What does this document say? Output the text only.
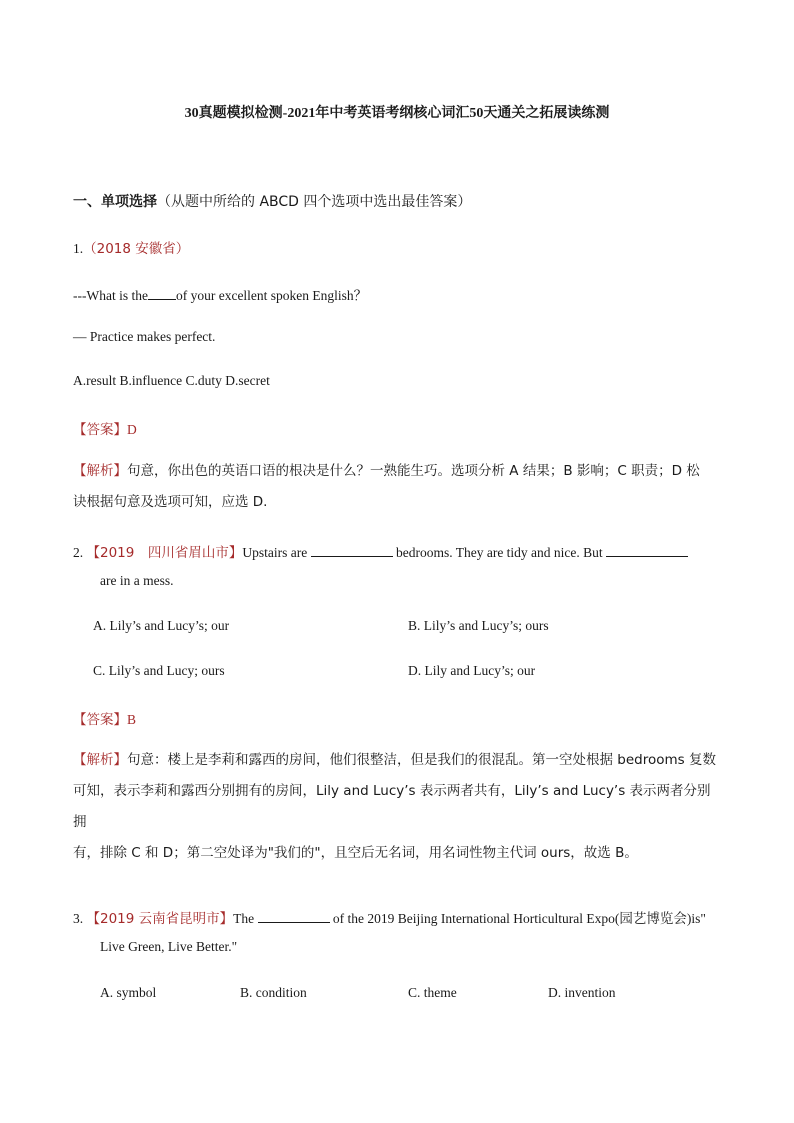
30真题模拟检测-2021年中考英语考纲核心词汇50天通关之拓展读练测
一、单项选择（从题中所给的 ABCD 四个选项中选出最佳答案）
1.（2018 安徽省）
---What is the of your excellent spoken English？
— Practice makes perfect.
A.result B.influence C.duty D.secret
【答案】D
【解析】句意，你出色的英语口语的根决是什么？一熟能生巧。选项分析 A 结果；B 影响；C 职责；D 松
诀根据句意及选项可知，应选 D.
2. 【2019　四川省眉山市】Upstairs are	bedrooms. They are tidy and nice. But
are in a mess.
A. Lily’s and Lucy’s; our	B. Lily’s and Lucy’s; ours
C. Lily’s and Lucy; ours	D. Lily and Lucy’s; our
【答案】B
【解析】句意：楼上是李莉和露西的房间，他们很整洁，但是我们的很混乱。第一空处根据 bedrooms 复数
可知，表示李莉和露西分别拥有的房间，Lily and Lucy’s 表示两者共有，Lily’s and Lucy’s 表示两者分别拥
有，排除 C 和 D；第二空处译为"我们的"，且空后无名词，用名词性物主代词 ours，故选 B。
3. 【2019 云南省昆明市】The	of the 2019 Beijing International Horticultural Expo(园艺博览会)is"
Live Green, Live Better."
A. symbol	B. condition	C. theme	D. invention
